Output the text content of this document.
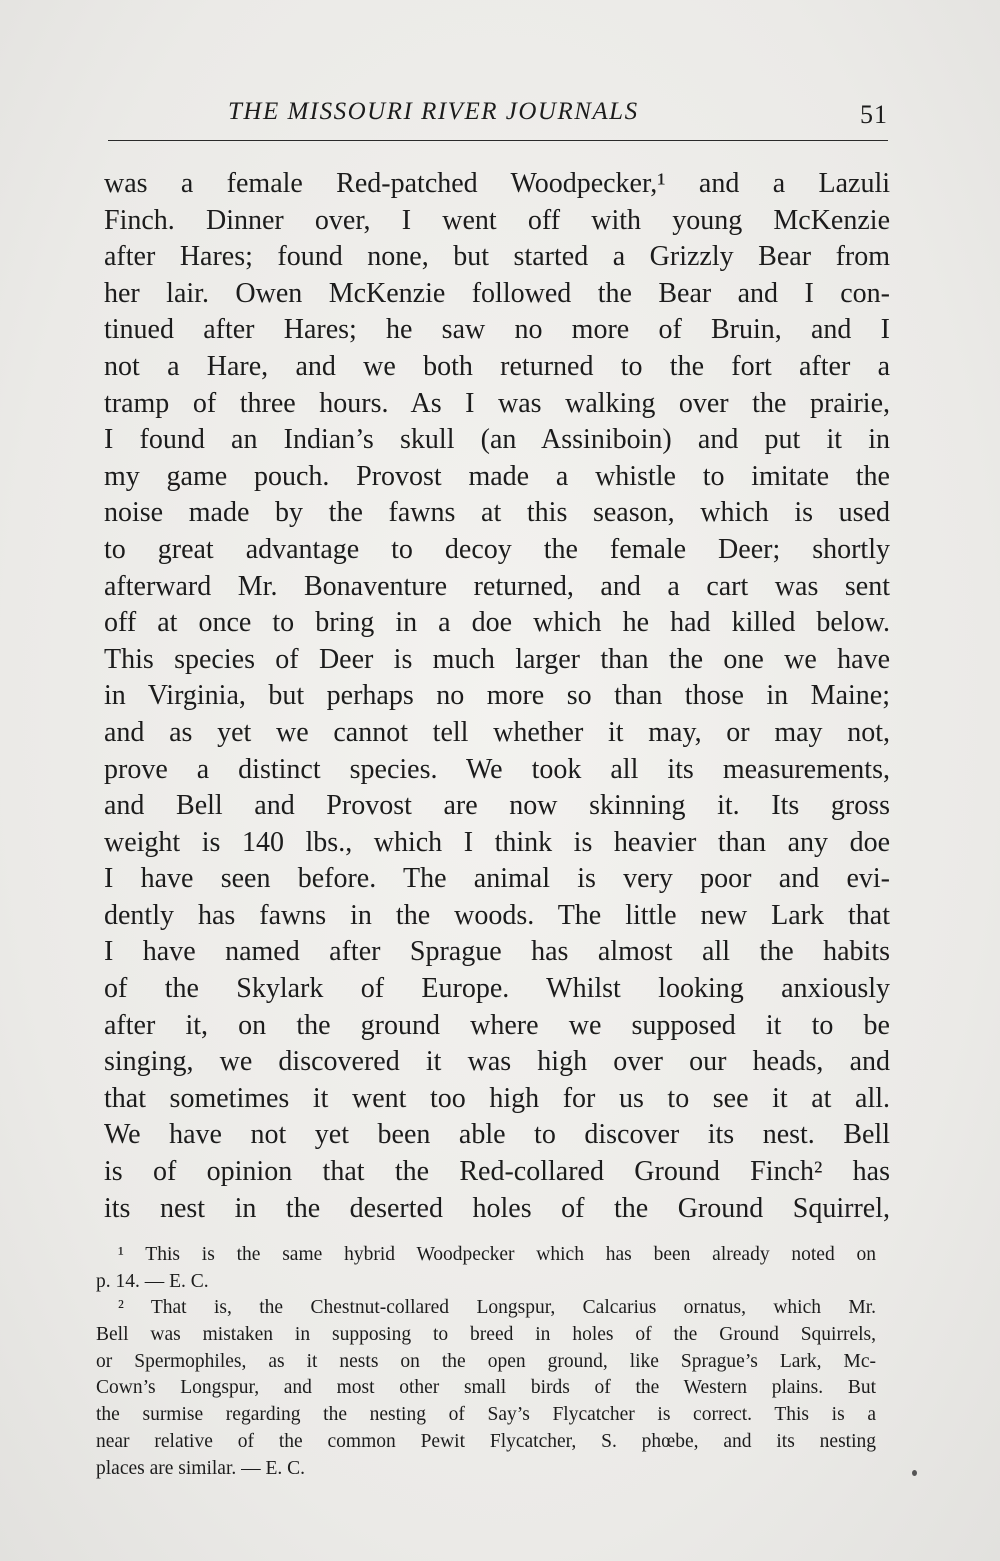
THE MISSOURI RIVER JOURNALS	51
was a female Red-patched Woodpecker,¹ and a Lazuli
Finch. Dinner over, I went off with young McKenzie
after Hares; found none, but started a Grizzly Bear from
her lair. Owen McKenzie followed the Bear and I con-
tinued after Hares; he saw no more of Bruin, and I
not a Hare, and we both returned to the fort after a
tramp of three hours. As I was walking over the prairie,
I found an Indian’s skull (an Assiniboin) and put it in
my game pouch. Provost made a whistle to imitate the
noise made by the fawns at this season, which is used
to great advantage to decoy the female Deer; shortly
afterward Mr. Bonaventure returned, and a cart was sent
off at once to bring in a doe which he had killed below.
This species of Deer is much larger than the one we have
in Virginia, but perhaps no more so than those in Maine;
and as yet we cannot tell whether it may, or may not,
prove a distinct species. We took all its measurements,
and Bell and Provost are now skinning it. Its gross
weight is 140 lbs., which I think is heavier than any doe
I have seen before. The animal is very poor and evi-
dently has fawns in the woods. The little new Lark that
I have named after Sprague has almost all the habits
of the Skylark of Europe. Whilst looking anxiously
after it, on the ground where we supposed it to be
singing, we discovered it was high over our heads, and
that sometimes it went too high for us to see it at all.
We have not yet been able to discover its nest. Bell
is of opinion that the Red-collared Ground Finch² has
its nest in the deserted holes of the Ground Squirrel,
¹ This is the same hybrid Woodpecker which has been already noted on
p. 14. — E. C.
² That is, the Chestnut-collared Longspur, Calcarius ornatus, which Mr.
Bell was mistaken in supposing to breed in holes of the Ground Squirrels,
or Spermophiles, as it nests on the open ground, like Sprague’s Lark, Mc-
Cown’s Longspur, and most other small birds of the Western plains. But
the surmise regarding the nesting of Say’s Flycatcher is correct. This is a
near relative of the common Pewit Flycatcher, S. phœbe, and its nesting
places are similar. — E. C.
